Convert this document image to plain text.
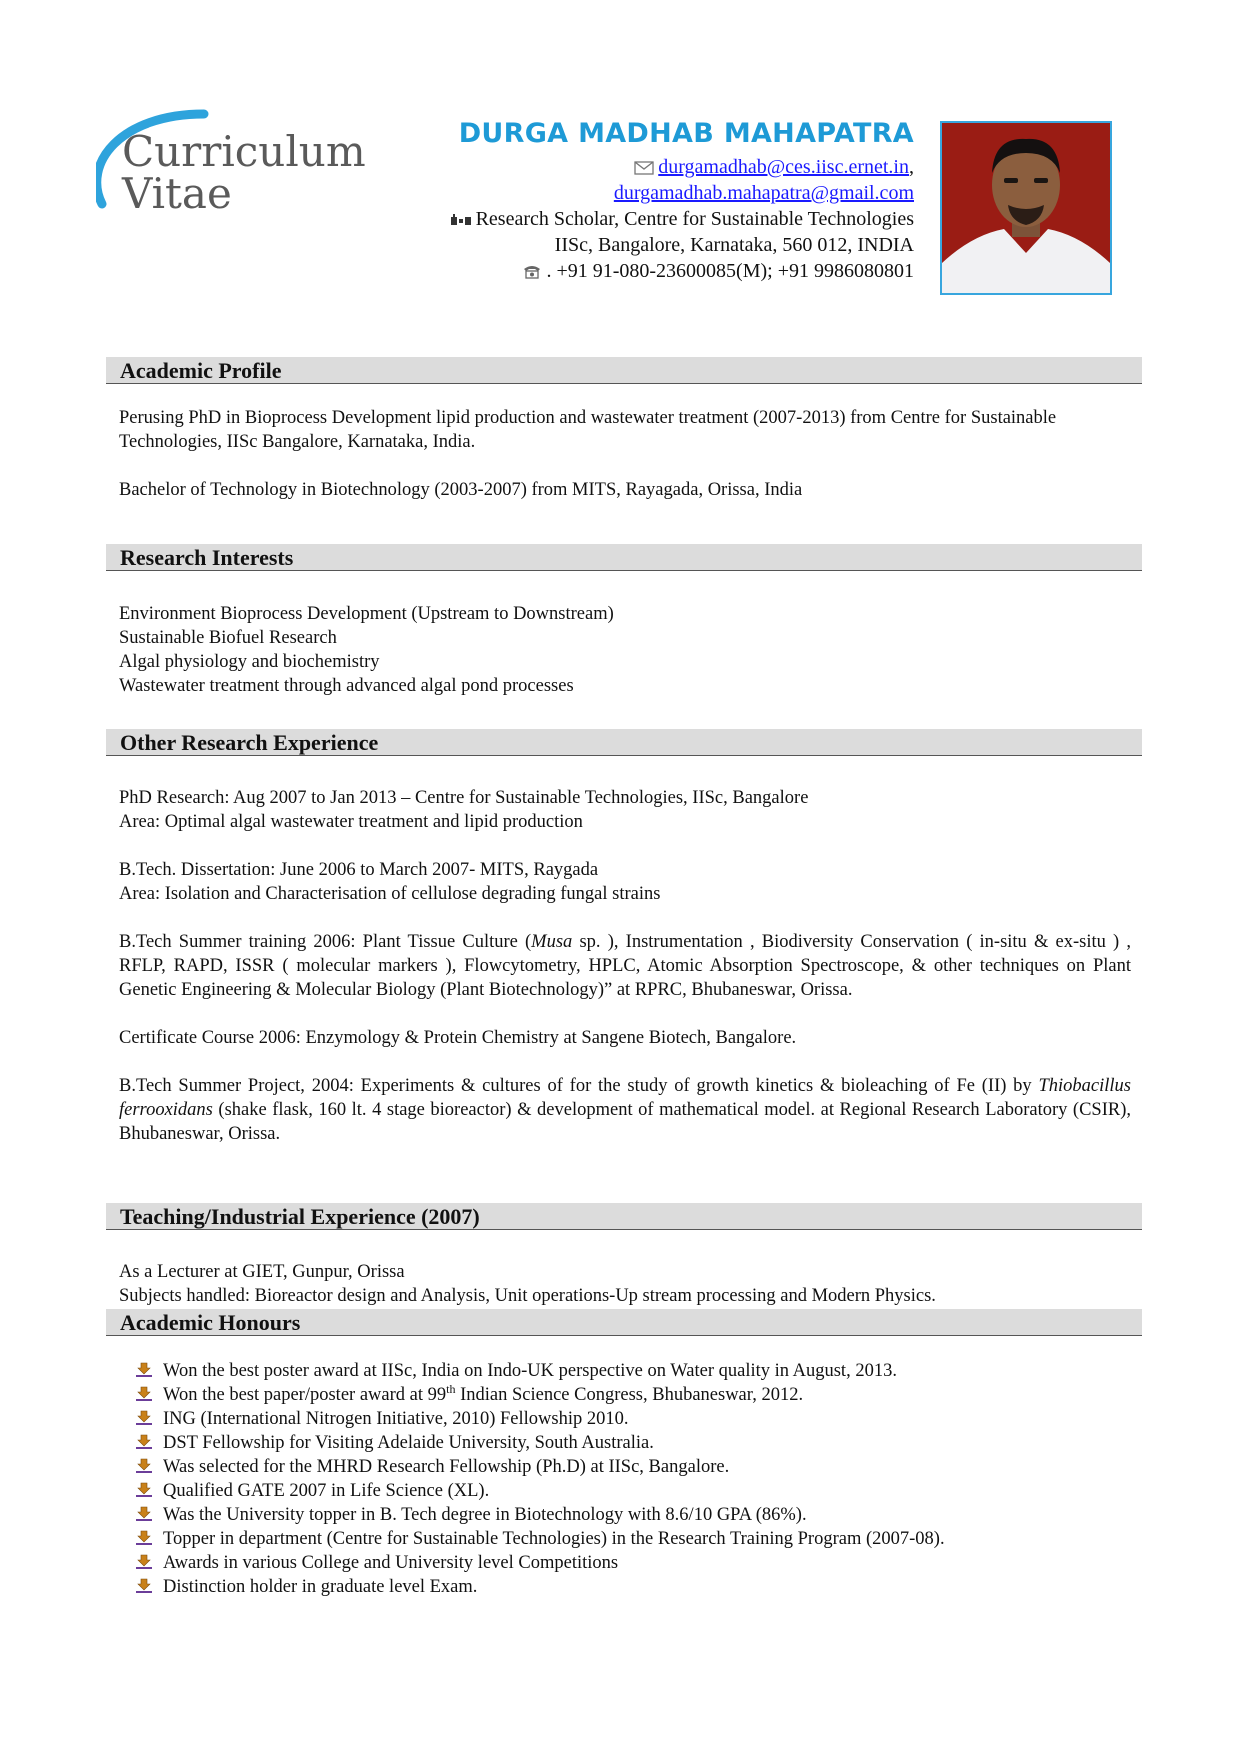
Curriculum
Vitae
DURGA MADHAB MAHAPATRA
durgamadhab@ces.iisc.ernet.in,
durgamadhab.mahapatra@gmail.com
Research Scholar, Centre for Sustainable Technologies
IISc, Bangalore, Karnataka, 560 012, INDIA
. +91 91-080-23600085(M); +91 9986080801
Academic Profile

Perusing PhD in Bioprocess Development lipid production and wastewater treatment (2007-2013) from Centre for Sustainable Technologies, IISc Bangalore, Karnataka, India.

Bachelor of Technology in Biotechnology (2003-2007) from MITS, Rayagada, Orissa, India

Research Interests
Environment Bioprocess Development (Upstream to Downstream)
Sustainable Biofuel Research
Algal physiology and biochemistry
Wastewater treatment through advanced algal pond processes
Other Research Experience

PhD Research: Aug 2007 to Jan 2013 – Centre for Sustainable Technologies, IISc, Bangalore

Area: Optimal algal wastewater treatment and lipid production

B.Tech. Dissertation: June 2006 to March 2007- MITS, Raygada

Area: Isolation and Characterisation of cellulose degrading fungal strains

B.Tech Summer training 2006: Plant Tissue Culture (Musa sp. ), Instrumentation , Biodiversity Conservation ( in-situ & ex-situ ) , RFLP, RAPD, ISSR ( molecular markers ), Flowcytometry, HPLC, Atomic Absorption Spectroscope, & other techniques on Plant Genetic Engineering & Molecular Biology (Plant Biotechnology)” at RPRC, Bhubaneswar, Orissa.

Certificate Course 2006: Enzymology & Protein Chemistry at Sangene Biotech, Bangalore.

B.Tech Summer Project, 2004: Experiments & cultures of for the study of growth kinetics & bioleaching of Fe (II) by Thiobacillus ferrooxidans (shake flask, 160 lt. 4 stage bioreactor) & development of mathematical model. at Regional Research Laboratory (CSIR), Bhubaneswar, Orissa.

Teaching/Industrial Experience (2007)

As a Lecturer at GIET, Gunpur, Orissa

Subjects handled: Bioreactor design and Analysis, Unit operations-Up stream processing and Modern Physics.

Academic Honours
Won the best poster award at IISc, India on Indo-UK perspective on Water quality in August, 2013.
Won the best paper/poster award at 99th Indian Science Congress, Bhubaneswar, 2012.
ING (International Nitrogen Initiative, 2010) Fellowship 2010.
DST Fellowship for Visiting Adelaide University, South Australia.
Was selected for the MHRD Research Fellowship (Ph.D) at IISc, Bangalore.
Qualified GATE 2007 in Life Science (XL).
Was the University topper in B. Tech degree in Biotechnology with 8.6/10 GPA (86%).
Topper in department (Centre for Sustainable Technologies) in the Research Training Program (2007-08).
Awards in various College and University level Competitions
Distinction holder in graduate level Exam.
